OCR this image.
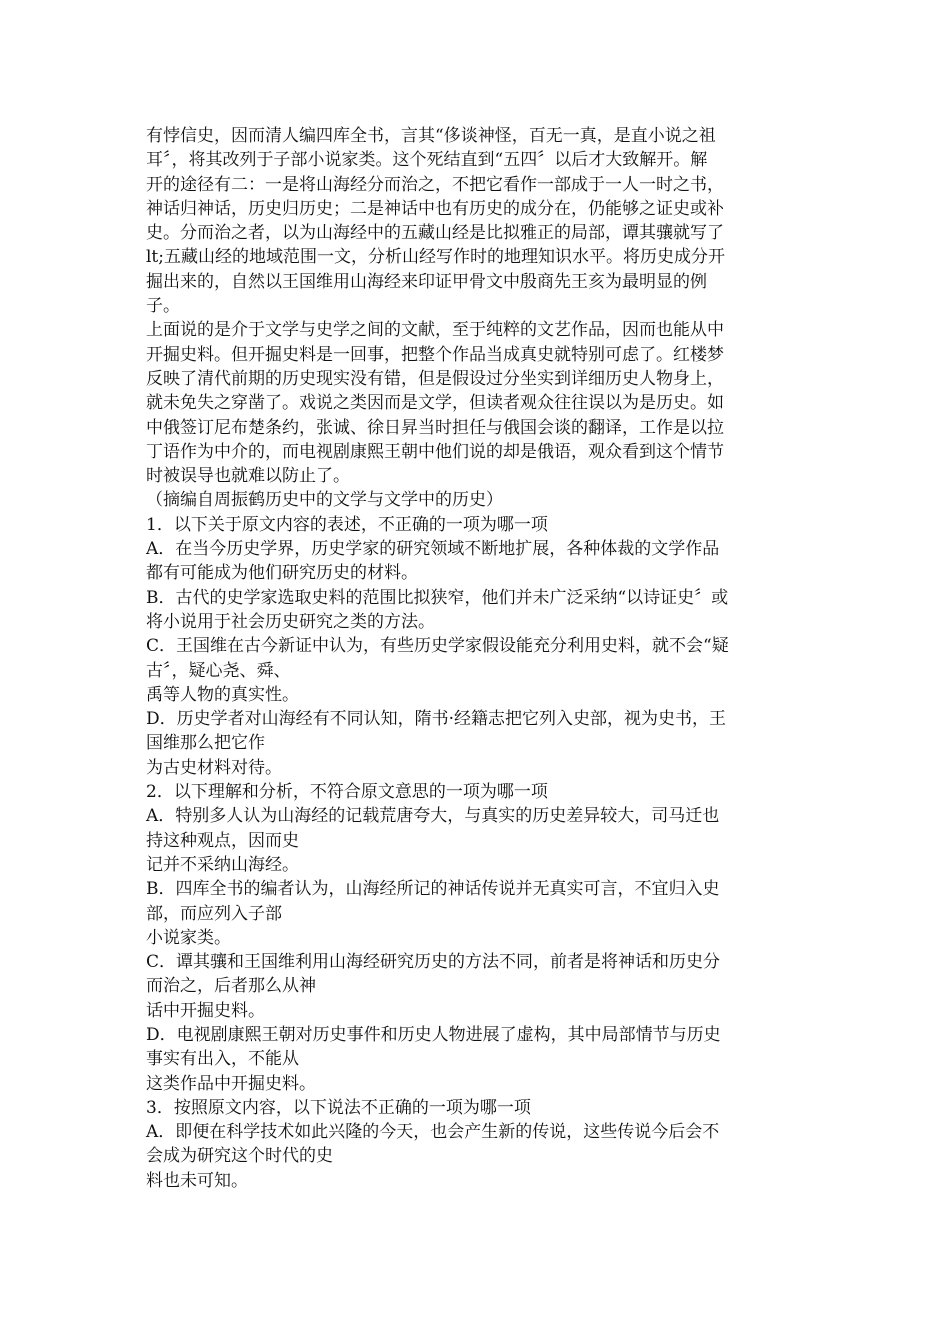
有悖信史，因而清人编四库全书，言其“侈谈神怪，百无一真，是直小说之祖
耳〞，将其改列于子部小说家类。这个死结直到“五四〞以后才大致解开。解
开的途径有二：一是将山海经分而治之，不把它看作一部成于一人一时之书，
神话归神话，历史归历史；二是神话中也有历史的成分在，仍能够之证史或补
史。分而治之者，以为山海经中的五藏山经是比拟雅正的局部，谭其骧就写了
lt;五藏山经的地域范围一文，分析山经写作时的地理知识水平。将历史成分开
掘出来的，自然以王国维用山海经来印证甲骨文中殷商先王亥为最明显的例
子。
上面说的是介于文学与史学之间的文献，至于纯粹的文艺作品，因而也能从中
开掘史料。但开掘史料是一回事，把整个作品当成真史就特别可虑了。红楼梦
反映了清代前期的历史现实没有错，但是假设过分坐实到详细历史人物身上，
就未免失之穿凿了。戏说之类因而是文学，但读者观众往往误以为是历史。如
中俄签订尼布楚条约，张诚、徐日昇当时担任与俄国会谈的翻译，工作是以拉
丁语作为中介的，而电视剧康熙王朝中他们说的却是俄语，观众看到这个情节
时被误导也就难以防止了。
（摘编自周振鹤历史中的文学与文学中的历史）
1．以下关于原文内容的表述，不正确的一项为哪一项
A．在当今历史学界，历史学家的研究领域不断地扩展，各种体裁的文学作品
都有可能成为他们研究历史的材料。
B．古代的史学家选取史料的范围比拟狭窄，他们并未广泛采纳“以诗证史〞或
将小说用于社会历史研究之类的方法。
C．王国维在古今新证中认为，有些历史学家假设能充分利用史料，就不会“疑
古〞，疑心尧、舜、
禹等人物的真实性。
D．历史学者对山海经有不同认知，隋书·经籍志把它列入史部，视为史书，王
国维那么把它作
为古史材料对待。
2．以下理解和分析，不符合原文意思的一项为哪一项
A．特别多人认为山海经的记载荒唐夸大，与真实的历史差异较大，司马迁也
持这种观点，因而史
记并不采纳山海经。
B．四库全书的编者认为，山海经所记的神话传说并无真实可言，不宜归入史
部，而应列入子部
小说家类。
C．谭其骧和王国维利用山海经研究历史的方法不同，前者是将神话和历史分
而治之，后者那么从神
话中开掘史料。
D．电视剧康熙王朝对历史事件和历史人物进展了虚构，其中局部情节与历史
事实有出入，不能从
这类作品中开掘史料。
3．按照原文内容，以下说法不正确的一项为哪一项
A．即便在科学技术如此兴隆的今天，也会产生新的传说，这些传说今后会不
会成为研究这个时代的史
料也未可知。
